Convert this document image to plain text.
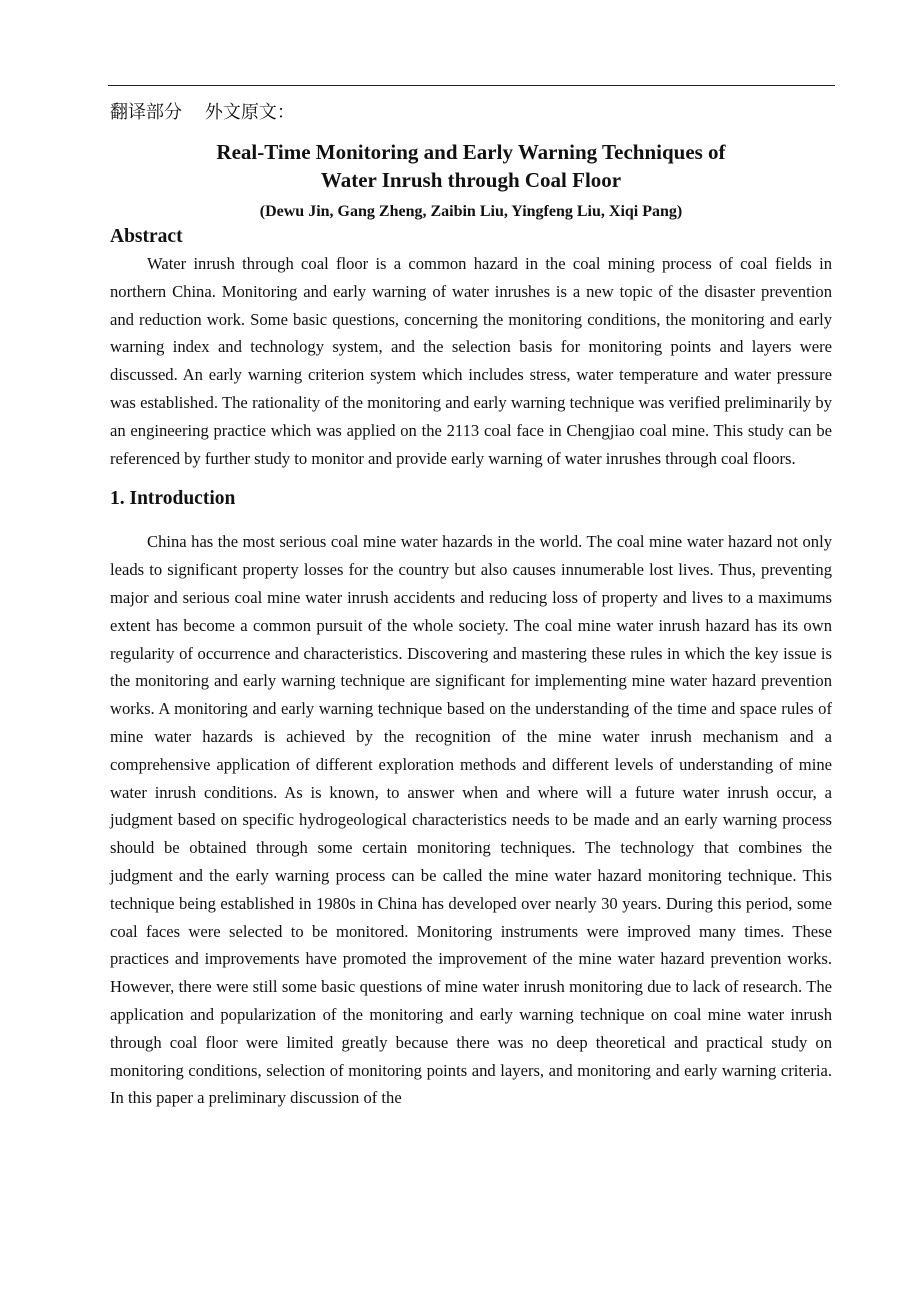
翻译部分    外文原文：

Real-Time Monitoring and Early Warning Techniques of
Water Inrush through Coal Floor

(Dewu Jin, Gang Zheng, Zaibin Liu, Yingfeng Liu, Xiqi Pang)

Abstract

Water inrush through coal floor is a common hazard in the coal mining process of coal fields in northern China. Monitoring and early warning of water inrushes is a new topic of the disaster prevention and reduction work. Some basic questions, concerning the monitoring conditions, the monitoring and early warning index and technology system, and the selection basis for monitoring points and layers were discussed. An early warning criterion system which includes stress, water temperature and water pressure was established. The rationality of the monitoring and early warning technique was verified preliminarily by an engineering practice which was applied on the 2113 coal face in Chengjiao coal mine. This study can be referenced by further study to monitor and provide early warning of water inrushes through coal floors.

1. Introduction

China has the most serious coal mine water hazards in the world. The coal mine water hazard not only leads to significant property losses for the country but also causes innumerable lost lives. Thus, preventing major and serious coal mine water inrush accidents and reducing loss of property and lives to a maximums extent has become a common pursuit of the whole society. The coal mine water inrush hazard has its own regularity of occurrence and characteristics. Discovering and mastering these rules in which the key issue is the monitoring and early warning technique are significant for implementing mine water hazard prevention works. A monitoring and early warning technique based on the understanding of the time and space rules of mine water hazards is achieved by the recognition of the mine water inrush mechanism and a comprehensive application of different exploration methods and different levels of understanding of mine water inrush conditions. As is known, to answer when and where will a future water inrush occur, a judgment based on specific hydrogeological characteristics needs to be made and an early warning process should be obtained through some certain monitoring techniques. The technology that combines the judgment and the early warning process can be called the mine water hazard monitoring technique. This technique being established in 1980s in China has developed over nearly 30 years. During this period, some coal faces were selected to be monitored. Monitoring instruments were improved many times. These practices and improvements have promoted the improvement of the mine water hazard prevention works. However, there were still some basic questions of mine water inrush monitoring due to lack of research. The application and popularization of the monitoring and early warning technique on coal mine water inrush through coal floor were limited greatly because there was no deep theoretical and practical study on monitoring conditions, selection of monitoring points and layers, and monitoring and early warning criteria. In this paper a preliminary discussion of the
